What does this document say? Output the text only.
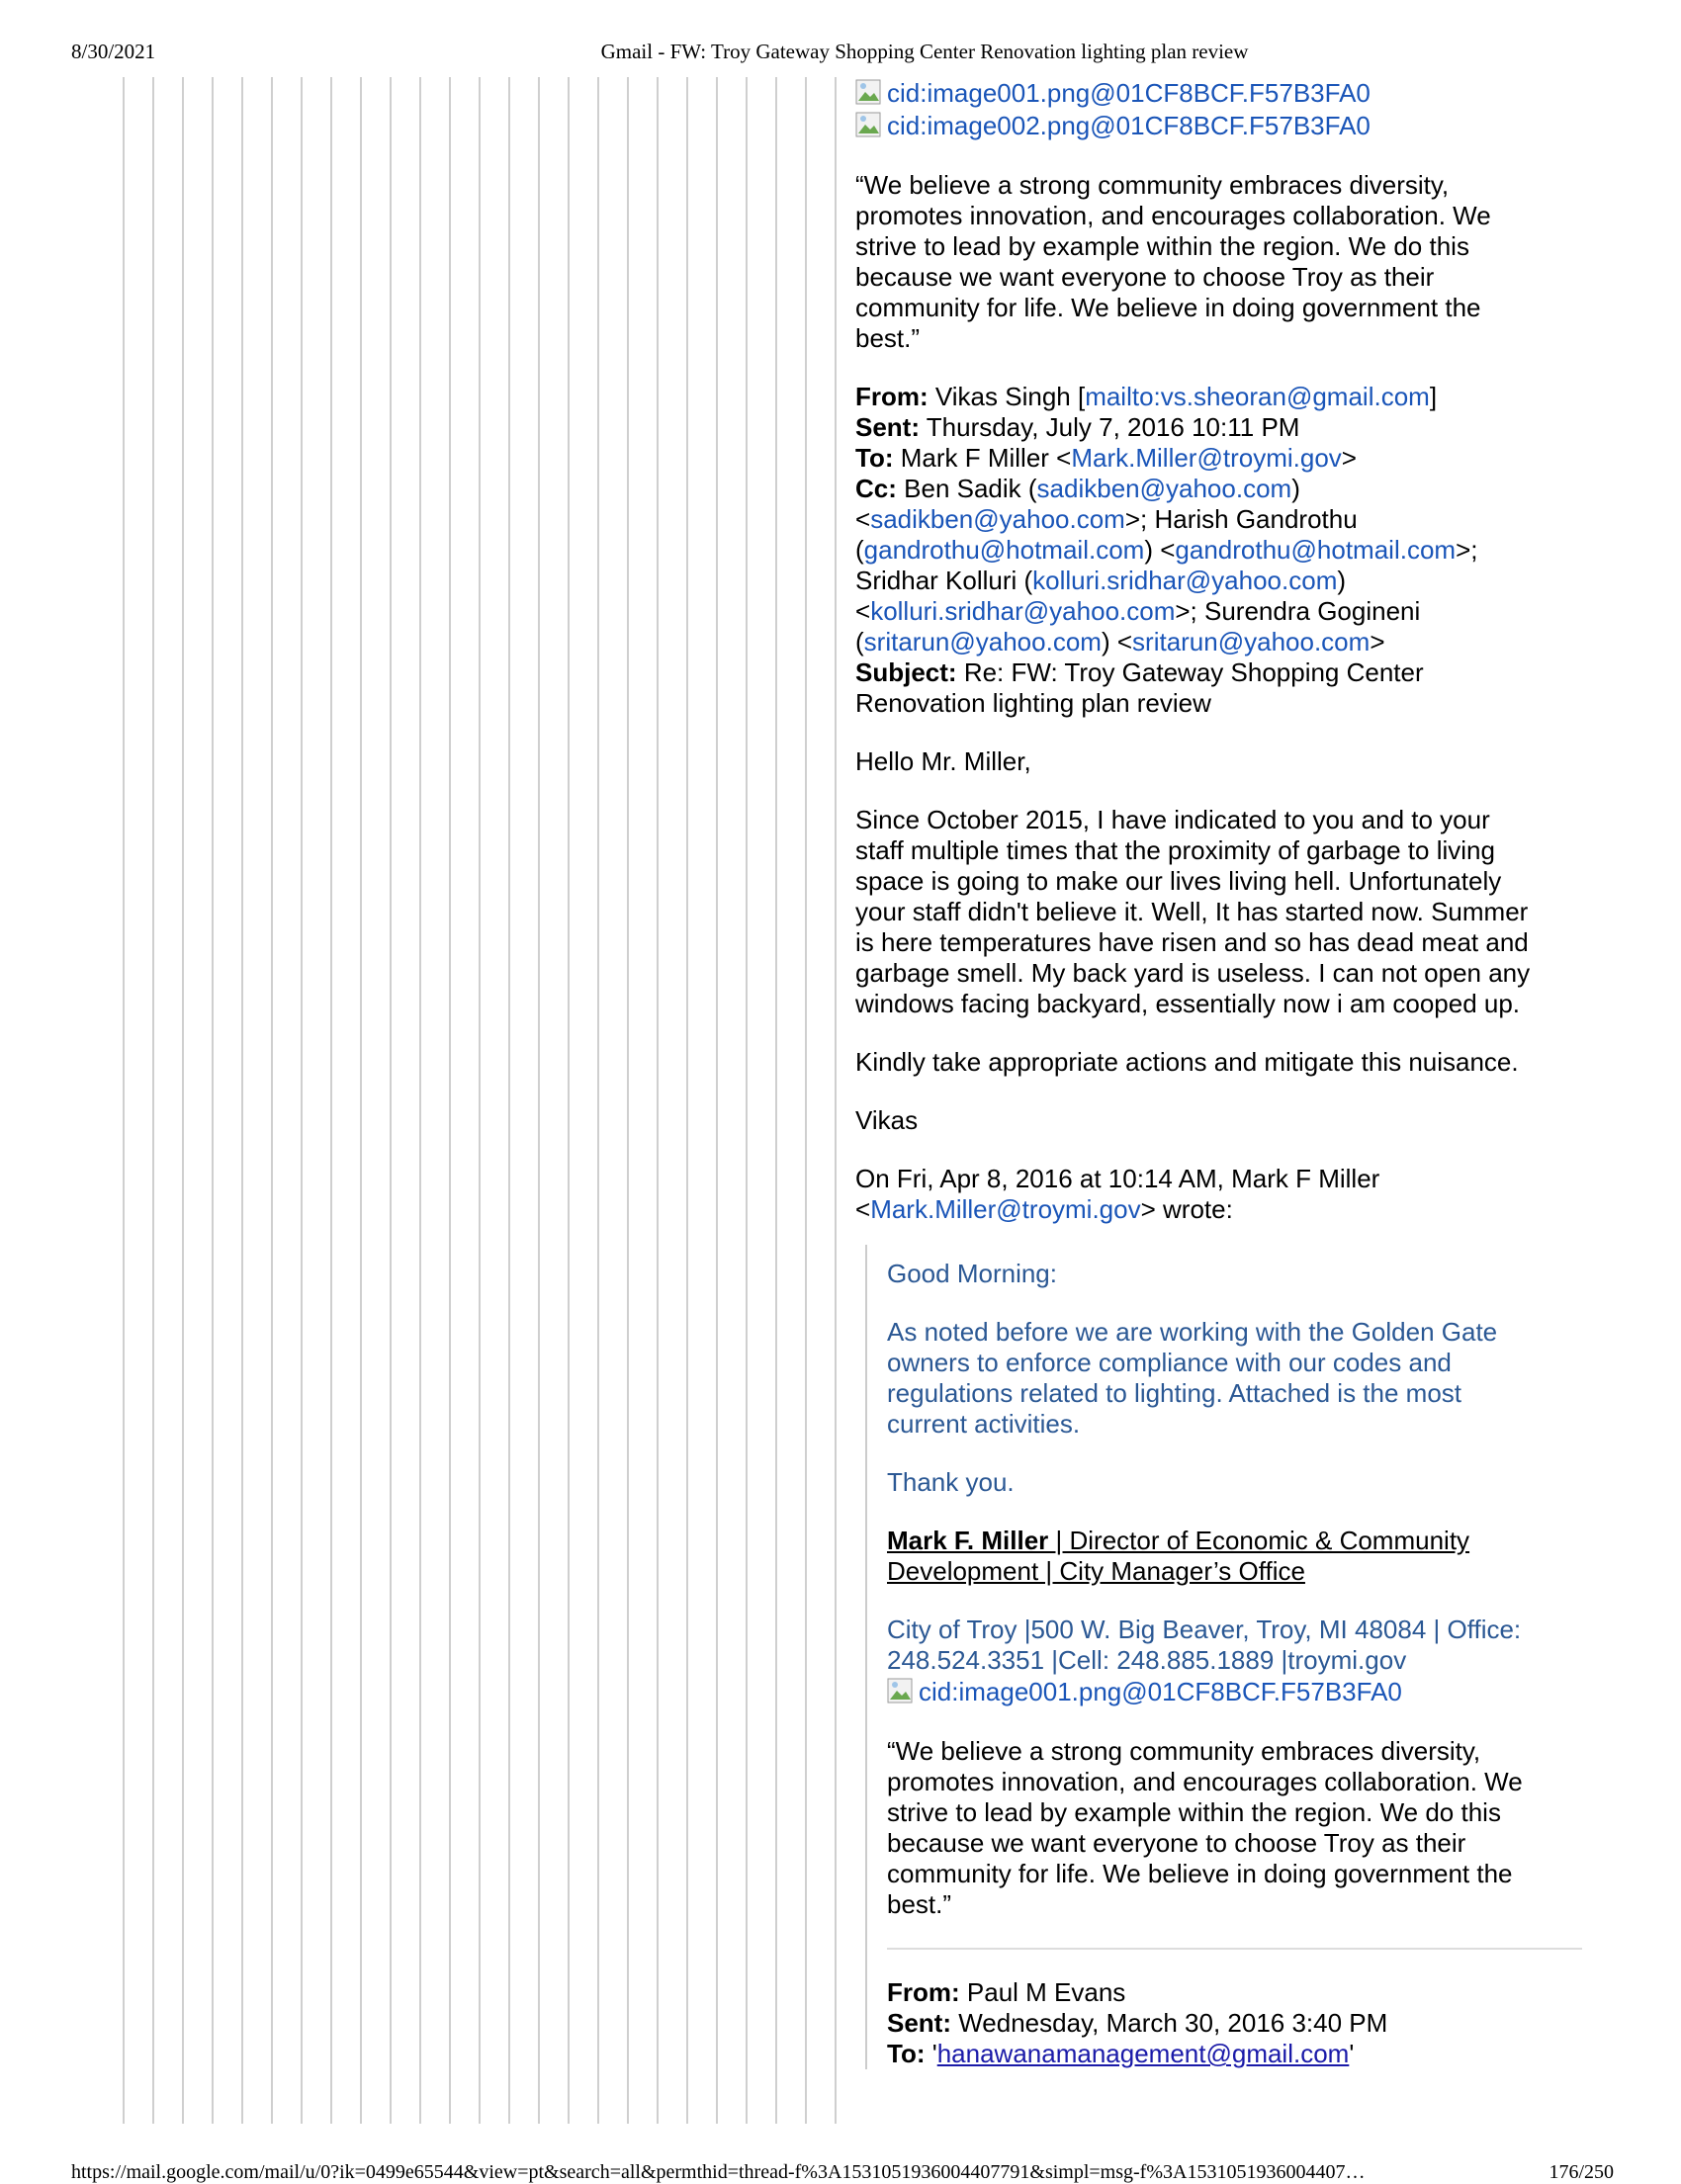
8/30/2021	Gmail - FW: Troy Gateway Shopping Center Renovation lighting plan review
cid:image001.png@01CF8BCF.F57B3FA0
cid:image002.png@01CF8BCF.F57B3FA0

“We believe a strong community embraces diversity,
promotes innovation, and encourages collaboration. We
strive to lead by example within the region. We do this
because we want everyone to choose Troy as their
community for life. We believe in doing government the
best.”

From: Vikas Singh [mailto:vs.sheoran@gmail.com]

Sent: Thursday, July 7, 2016 10:11 PM

To: Mark F Miller <Mark.Miller@troymi.gov>

Cc: Ben Sadik (sadikben@yahoo.com)
<sadikben@yahoo.com>; Harish Gandrothu
(gandrothu@hotmail.com) <gandrothu@hotmail.com>;
Sridhar Kolluri (kolluri.sridhar@yahoo.com)
<kolluri.sridhar@yahoo.com>; Surendra Gogineni
(sritarun@yahoo.com) <sritarun@yahoo.com>

Subject: Re: FW: Troy Gateway Shopping Center
Renovation lighting plan review

Hello Mr. Miller,

Since October 2015, I have indicated to you and to your
staff multiple times that the proximity of garbage to living
space is going to make our lives living hell. Unfortunately
your staff didn't believe it. Well, It has started now. Summer
is here temperatures have risen and so has dead meat and
garbage smell. My back yard is useless. I can not open any
windows facing backyard, essentially now i am cooped up.

Kindly take appropriate actions and mitigate this nuisance.

Vikas

On Fri, Apr 8, 2016 at 10:14 AM, Mark F Miller
<Mark.Miller@troymi.gov> wrote:

Good Morning:

As noted before we are working with the Golden Gate
owners to enforce compliance with our codes and
regulations related to lighting. Attached is the most
current activities.

Thank you.

Mark F. Miller | Director of Economic & Community
Development | City Manager’s Office

City of Troy |500 W. Big Beaver, Troy, MI 48084 | Office:
248.524.3351 |Cell: 248.885.1889 |troymi.gov

cid:image001.png@01CF8BCF.F57B3FA0

“We believe a strong community embraces diversity,
promotes innovation, and encourages collaboration. We
strive to lead by example within the region. We do this
because we want everyone to choose Troy as their
community for life. We believe in doing government the
best.”

From: Paul M Evans

Sent: Wednesday, March 30, 2016 3:40 PM

To: 'hanawanamanagement@gmail.com'

https://mail.google.com/mail/u/0?ik=0499e65544&view=pt&search=all&permthid=thread-f%3A1531051936004407791&simpl=msg-f%3A1531051936004407…	176/250
